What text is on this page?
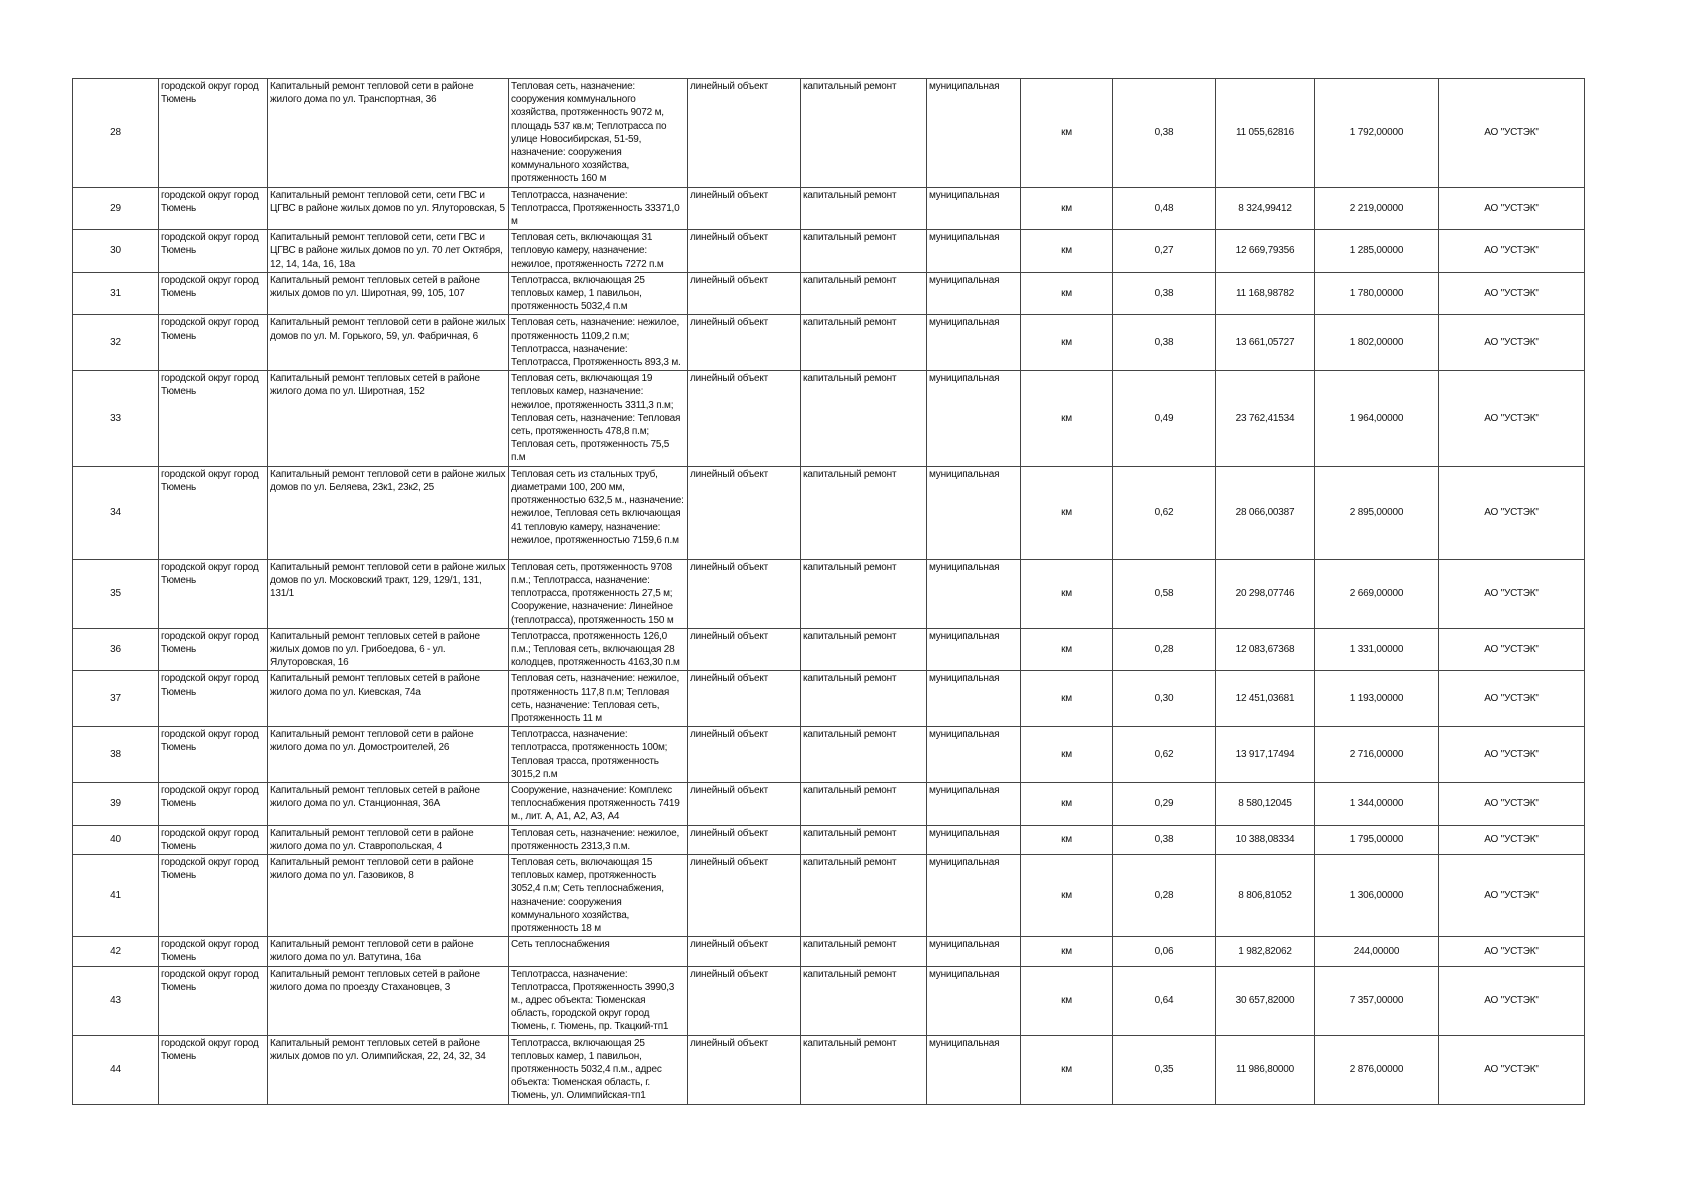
28	городской округ город Тюмень	Капитальный ремонт тепловой сети в районе жилого дома по ул. Транспортная, 36	Тепловая сеть, назначение: сооружения коммунального хозяйства, протяженность 9072 м, площадь 537 кв.м; Теплотрасса по улице Новосибирская, 51-59, назначение: сооружения коммунального хозяйства, протяженность 160 м	линейный объект	капитальный ремонт	муниципальная	км	0,38	11 055,62816	1 792,00000	АО "УСТЭК"
29	городской округ город Тюмень	Капитальный ремонт тепловой сети, сети ГВС и ЦГВС в районе жилых домов по ул. Ялуторовская, 5	Теплотрасса, назначение: Теплотрасса, Протяженность 33371,0 м	линейный объект	капитальный ремонт	муниципальная	км	0,48	8 324,99412	2 219,00000	АО "УСТЭК"
30	городской округ город Тюмень	Капитальный ремонт тепловой сети, сети ГВС и ЦГВС в районе жилых домов по ул. 70 лет Октября, 12, 14, 14а, 16, 18а	Тепловая сеть, включающая 31 тепловую камеру, назначение: нежилое, протяженность 7272 п.м	линейный объект	капитальный ремонт	муниципальная	км	0,27	12 669,79356	1 285,00000	АО "УСТЭК"
31	городской округ город Тюмень	Капитальный ремонт тепловых сетей в районе жилых домов по ул. Широтная, 99, 105, 107	Теплотрасса, включающая 25 тепловых камер, 1 павильон, протяженность 5032,4 п.м	линейный объект	капитальный ремонт	муниципальная	км	0,38	11 168,98782	1 780,00000	АО "УСТЭК"
32	городской округ город Тюмень	Капитальный ремонт тепловой сети в районе жилых домов по ул. М. Горького, 59, ул. Фабричная, 6	Тепловая сеть, назначение: нежилое, протяженность 1109,2 п.м; Теплотрасса, назначение: Теплотрасса, Протяженность 893,3 м.	линейный объект	капитальный ремонт	муниципальная	км	0,38	13 661,05727	1 802,00000	АО "УСТЭК"
33	городской округ город Тюмень	Капитальный ремонт тепловых сетей в районе жилого дома по ул. Широтная, 152	Тепловая сеть, включающая 19 тепловых камер, назначение: нежилое, протяженность 3311,3 п.м; Тепловая сеть, назначение: Тепловая сеть, протяженность 478,8 п.м; Тепловая сеть, протяженность 75,5 п.м	линейный объект	капитальный ремонт	муниципальная	км	0,49	23 762,41534	1 964,00000	АО "УСТЭК"
34	городской округ город Тюмень	Капитальный ремонт тепловой сети в районе жилых домов по ул. Беляева, 23к1, 23к2, 25	Тепловая сеть из стальных труб, диаметрами 100, 200 мм, протяженностью 632,5 м., назначение: нежилое, Тепловая сеть включающая 41 тепловую камеру, назначение: нежилое, протяженностью 7159,6 п.м	линейный объект	капитальный ремонт	муниципальная	км	0,62	28 066,00387	2 895,00000	АО "УСТЭК"
35	городской округ город Тюмень	Капитальный ремонт тепловой сети в районе жилых домов по ул. Московский тракт, 129, 129/1, 131, 131/1	Тепловая сеть, протяженность 9708 п.м.; Теплотрасса, назначение: теплотрасса, протяженность 27,5 м; Сооружение, назначение: Линейное (теплотрасса), протяженность 150 м	линейный объект	капитальный ремонт	муниципальная	км	0,58	20 298,07746	2 669,00000	АО "УСТЭК"
36	городской округ город Тюмень	Капитальный ремонт тепловых сетей в районе жилых домов по ул. Грибоедова, 6 - ул. Ялуторовская, 16	Теплотрасса, протяженность 126,0 п.м.; Тепловая сеть, включающая 28 колодцев, протяженность 4163,30 п.м	линейный объект	капитальный ремонт	муниципальная	км	0,28	12 083,67368	1 331,00000	АО "УСТЭК"
37	городской округ город Тюмень	Капитальный ремонт тепловых сетей в районе жилого дома по ул. Киевская, 74а	Тепловая сеть, назначение: нежилое, протяженность 117,8 п.м; Тепловая сеть, назначение: Тепловая сеть, Протяженность 11 м	линейный объект	капитальный ремонт	муниципальная	км	0,30	12 451,03681	1 193,00000	АО "УСТЭК"
38	городской округ город Тюмень	Капитальный ремонт тепловой сети в районе жилого дома по ул. Домостроителей, 26	Теплотрасса, назначение: теплотрасса, протяженность 100м; Тепловая трасса, протяженность 3015,2 п.м	линейный объект	капитальный ремонт	муниципальная	км	0,62	13 917,17494	2 716,00000	АО "УСТЭК"
39	городской округ город Тюмень	Капитальный ремонт тепловых сетей в районе жилого дома по ул. Станционная, 36А	Сооружение, назначение: Комплекс теплоснабжения протяженность 7419 м., лит. А, А1, А2, А3, А4	линейный объект	капитальный ремонт	муниципальная	км	0,29	8 580,12045	1 344,00000	АО "УСТЭК"
40	городской округ город Тюмень	Капитальный ремонт тепловой сети в районе жилого дома по ул. Ставропольская, 4	Тепловая сеть, назначение: нежилое, протяженность 2313,3 п.м.	линейный объект	капитальный ремонт	муниципальная	км	0,38	10 388,08334	1 795,00000	АО "УСТЭК"
41	городской округ город Тюмень	Капитальный ремонт тепловой сети в районе жилого дома по ул. Газовиков, 8	Тепловая сеть, включающая 15 тепловых камер, протяженность 3052,4 п.м; Сеть теплоснабжения, назначение: сооружения коммунального хозяйства, протяженность 18 м	линейный объект	капитальный ремонт	муниципальная	км	0,28	8 806,81052	1 306,00000	АО "УСТЭК"
42	городской округ город Тюмень	Капитальный ремонт тепловой сети в районе жилого дома по ул. Ватутина, 16а	Сеть теплоснабжения	линейный объект	капитальный ремонт	муниципальная	км	0,06	1 982,82062	244,00000	АО "УСТЭК"
43	городской округ город Тюмень	Капитальный ремонт тепловых сетей в районе жилого дома по проезду Стахановцев, 3	Теплотрасса, назначение: Теплотрасса, Протяженность 3990,3 м., адрес объекта: Тюменская область, городской округ город Тюмень, г. Тюмень, пр. Ткацкий-тп1	линейный объект	капитальный ремонт	муниципальная	км	0,64	30 657,82000	7 357,00000	АО "УСТЭК"
44	городской округ город Тюмень	Капитальный ремонт тепловых сетей в районе жилых домов по ул. Олимпийская, 22, 24, 32, 34	Теплотрасса, включающая 25 тепловых камер, 1 павильон, протяженность 5032,4 п.м., адрес объекта: Тюменская область, г. Тюмень, ул. Олимпийская-тп1	линейный объект	капитальный ремонт	муниципальная	км	0,35	11 986,80000	2 876,00000	АО "УСТЭК"
